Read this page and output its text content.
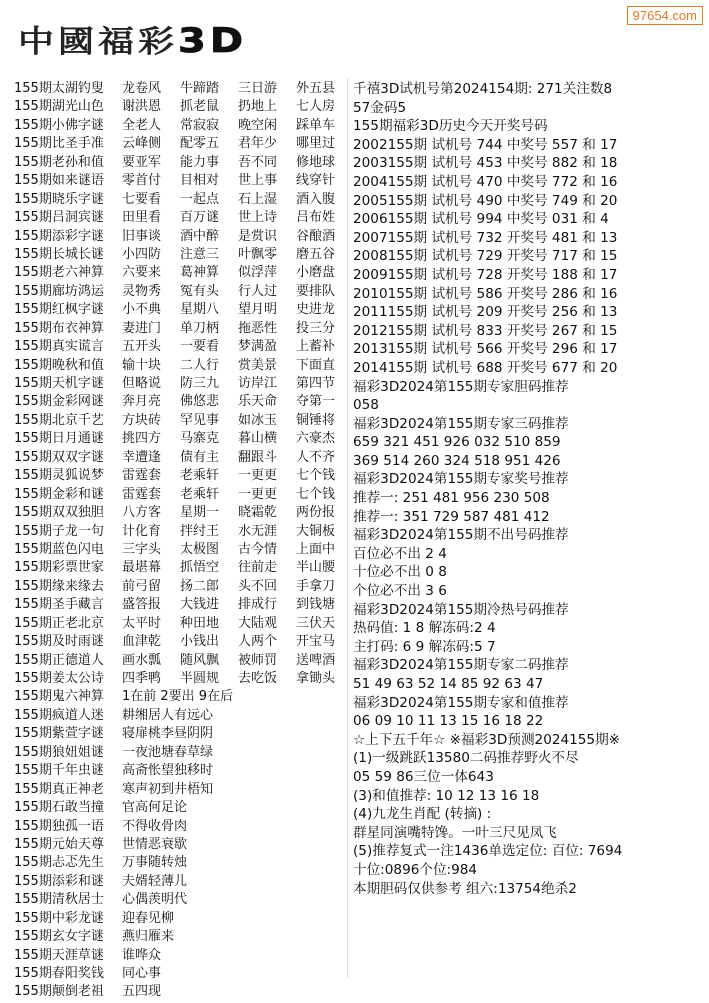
97654.com
中國福彩3D
155期太湖钓叟 龙卷风 牛蹄踏 三日游 外五县
155期湖光山色 谢洪恩 抓老鼠 扔地上 七人房
155期小佛字谜 全老人 常寂寂 晚空闲 踩单车
155期比圣手准 云峰侧 配零五 君年少 哪里过
155期老孙和值 要亚军 能力事 吾不同 修地球
155期如来谜语 零首付 目相对 世上事 线穿针
155期晓乐字谜 七要看 一起点 石上湿 酒入腹
155期吕洞宾谜 田里看 百万谜 世上诗 吕布姓
155期添彩字谜 旧事谈 酒中醉 是赏识 谷酿酒
155期长城长谜 小四防 注意三 叶飘零 磨五谷
155期老六神算 六要来 葛神算 似浮萍 小磨盘
155期廊坊鸿运 灵物秀 冤有头 行人过 要排队
155期红枫字谜 小不典 星期八 望月明 史进龙
155期布衣神算 妻进门 单刀柄 拖恶性 投三分
155期真实谎言 五开头 一要看 梦满盈 上蓄补
155期晚秋和值 输十块 二人行 赏美景 下面直
155期天机字谜 但略说 防三九 访岸江 第四节
155期金彩网谜 奔月亮 佛悠悲 乐天命 夺第一
155期北京千艺 方块砖 罕见事 如冰玉 铜锤将
155期日月通谜 挑四方 马寨克 暮山横 六豪杰
155期双双字谜 幸遭逢 债有主 翻跟斗 人不齐
155期灵狐说梦 雷霆套 老乘轩 一更更 七个钱
155期金彩和谜 雷霆套 老乘轩 一更更 七个钱
155期双双独胆 八方客 星期一 晓霜乾 两份报
155期子龙一句 计化育 拌纣王 水无涯 大铜板
155期蓝色闪电 三字头 太极图 古今情 上面中
155期彩票世家 最堪幕 抓悟空 往前走 半山腰
155期缘来缘去 前弓留 扬二郎 头不回 手拿刀
155期圣手藏言 盛答报 大钱进 排成行 到钱塘
155期正老北京 太平时 种田地 大陆观 三伏天
155期及时雨谜 血津乾 小钱出 人两个 开宝马
155期正德道人 画水瓢 随风飘 被师罚 送啤酒
155期姜太公诗 四季鸭 半圆规 去吃饭 拿锄头
155期鬼六神算 1在前 2要出 9在后
155期疯道人迷 耕缃居人有远心
155期紫萱字谜 寝扉桃李昼阴阴
155期狼妞姐谜 一夜池塘春草绿
155期千年虫谜 高斋怅望独移时
155期真正神老 寒声初到井梧知
155期石敢当撞 官高何足论
155期独孤一语 不得收骨肉
155期元始天尊 世情恶衰歇
155期忐忑先生 万事随转烛
155期添彩和谜 夫婿轻薄儿
155期清秋居士 心偶羡明代
155期中彩龙谜 迎春见柳
155期玄女字谜 燕归雁来
155期天涯草谜 谁哗众
155期春阳奖钱 同心事
155期颠倒老祖 五四现
千禧3D试机号第2024154期: 271关注数8
57金码5
155期福彩3D历史今天开奖号码
2002155期 试机号 744 中奖号 557 和 17
2003155期 试机号 453 中奖号 882 和 18
2004155期 试机号 470 中奖号 772 和 16
2005155期 试机号 490 中奖号 749 和 20
2006155期 试机号 994 中奖号 031 和 4
2007155期 试机号 732 开奖号 481 和 13
2008155期 试机号 729 开奖号 717 和 15
2009155期 试机号 728 开奖号 188 和 17
2010155期 试机号 586 开奖号 286 和 16
2011155期 试机号 209 开奖号 256 和 13
2012155期 试机号 833 开奖号 267 和 15
2013155期 试机号 566 开奖号 296 和 17
2014155期 试机号 688 开奖号 677 和 20
福彩3D2024第155期专家胆码推荐
058
福彩3D2024第155期专家三码推荐
659 321 451 926 032 510 859
369 514 260 324 518 951 426
福彩3D2024第155期专家奖号推荐
推荐一: 251 481 956 230 508
推荐一: 351 729 587 481 412
福彩3D2024第155期不出号码推荐
百位必不出 2 4
十位必不出 0 8
个位必不出 3 6
福彩3D2024第155期冷热号码推荐
热码值: 1 8 解冻码:2 4
主打码: 6 9 解冻码:5 7
福彩3D2024第155期专家二码推荐
51 49 63 52 14 85 92 63 47
福彩3D2024第155期专家和值推荐
06 09 10 11 13 15 16 18 22
☆上下五千年☆ ※福彩3D预测2024155期※
(1)一级跳跃13580二码推荐野火不尽
05 59 86三位一体643
(3)和值推荐: 10 12 13 16 18
(4)九龙生肖配 (转摘) :
群星同演嘴特馋。一叶三尺见凤飞
(5)推荐复式一注1436单选定位: 百位: 7694
十位:0896个位:984
本期胆码仅供参考 组六:13754绝杀2
